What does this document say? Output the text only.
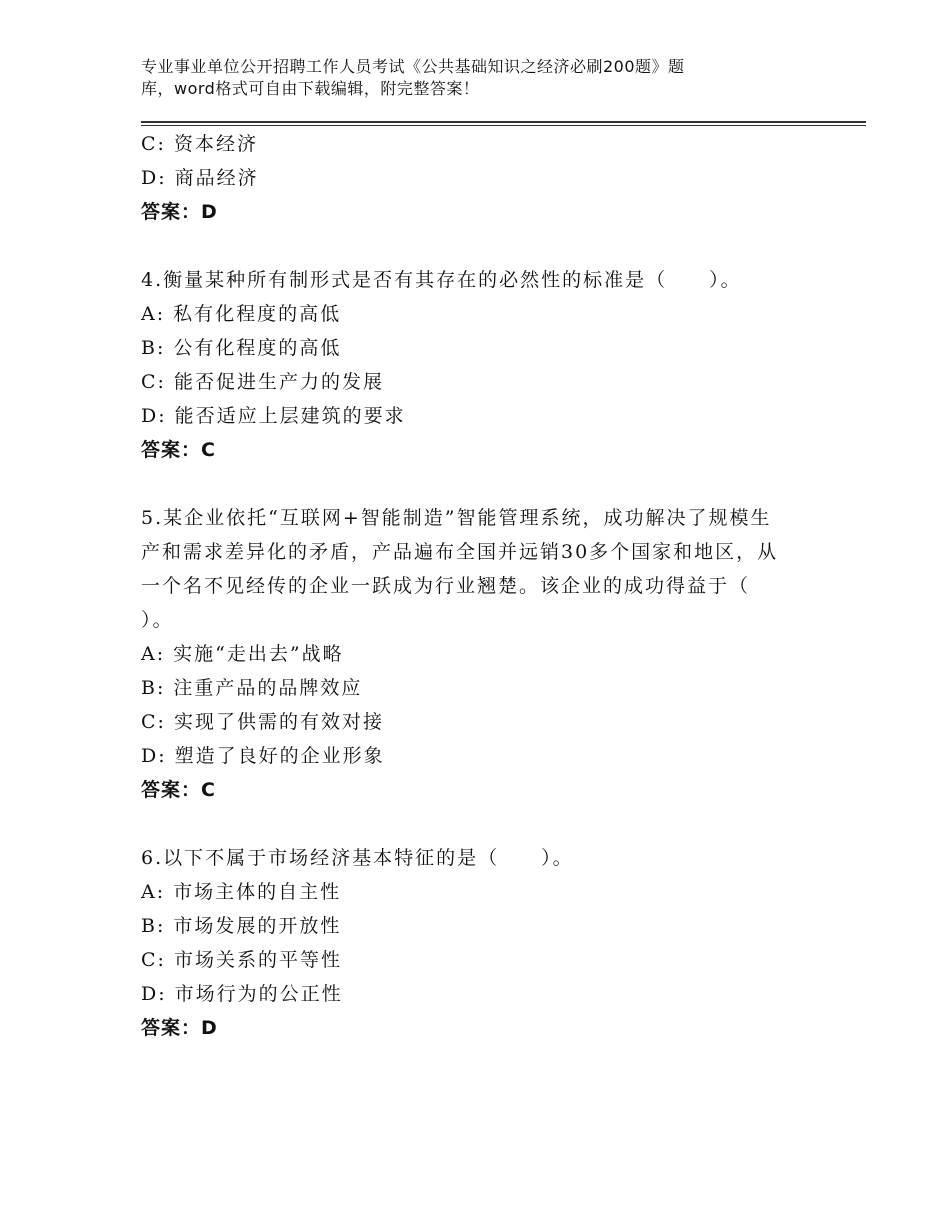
专业事业单位公开招聘工作人员考试《公共基础知识之经济必刷200题》题
库，word格式可自由下载编辑，附完整答案！
C: 资本经济
D: 商品经济
答案：D
4.衡量某种所有制形式是否有其存在的必然性的标准是（　　）。
A: 私有化程度的高低
B: 公有化程度的高低
C: 能否促进生产力的发展
D: 能否适应上层建筑的要求
答案：C
5.某企业依托“互联网+智能制造”智能管理系统，成功解决了规模生
产和需求差异化的矛盾，产品遍布全国并远销30多个国家和地区，从
一个名不见经传的企业一跃成为行业翘楚。该企业的成功得益于（
）。
A: 实施“走出去”战略
B: 注重产品的品牌效应
C: 实现了供需的有效对接
D: 塑造了良好的企业形象
答案：C
6.以下不属于市场经济基本特征的是（　　）。
A: 市场主体的自主性
B: 市场发展的开放性
C: 市场关系的平等性
D: 市场行为的公正性
答案：D
